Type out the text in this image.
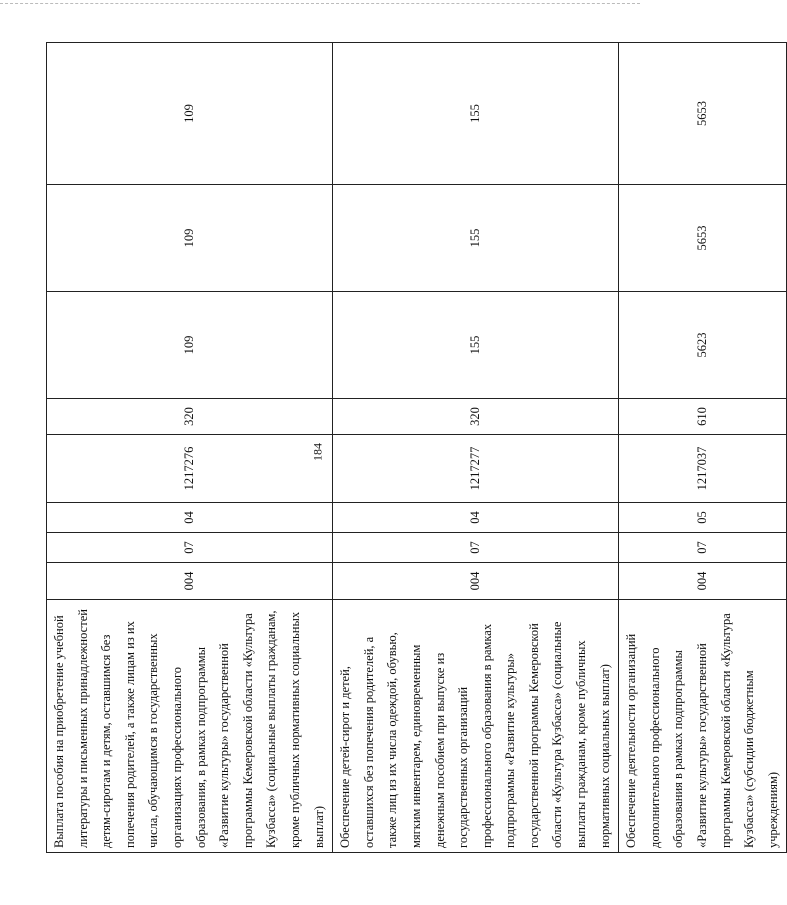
184
Выплата пособия на приобретение учебной литературы и письменных принадлежностей детям-сиротам и детям, оставшимся без попечения родителей, а также лицам из их числа, обучающимся в государственных организациях профессионального образования, в рамках подпрограммы «Развитие культуры» государственной программы Кемеровской области «Культура Кузбасса» (социальные выплаты гражданам, кроме публичных нормативных социальных выплат)	004	07	04	1217276	320	109	109	109
Обеспечение детей-сирот и детей, оставшихся без попечения родителей, а также лиц из их числа одеждой, обувью, мягким инвентарем, единовременным денежным пособием при выпуске из государственных организаций профессионального образования в рамках подпрограммы «Развитие культуры» государственной программы Кемеровской области «Культура Кузбасса» (социальные выплаты гражданам, кроме публичных нормативных социальных выплат)	004	07	04	1217277	320	155	155	155
Обеспечение деятельности организаций дополнительного профессионального образования в рамках подпрограммы «Развитие культуры» государственной программы Кемеровской области «Культура Кузбасса» (субсидии бюджетным учреждениям)	004	07	05	1217037	610	5623	5653	5653
